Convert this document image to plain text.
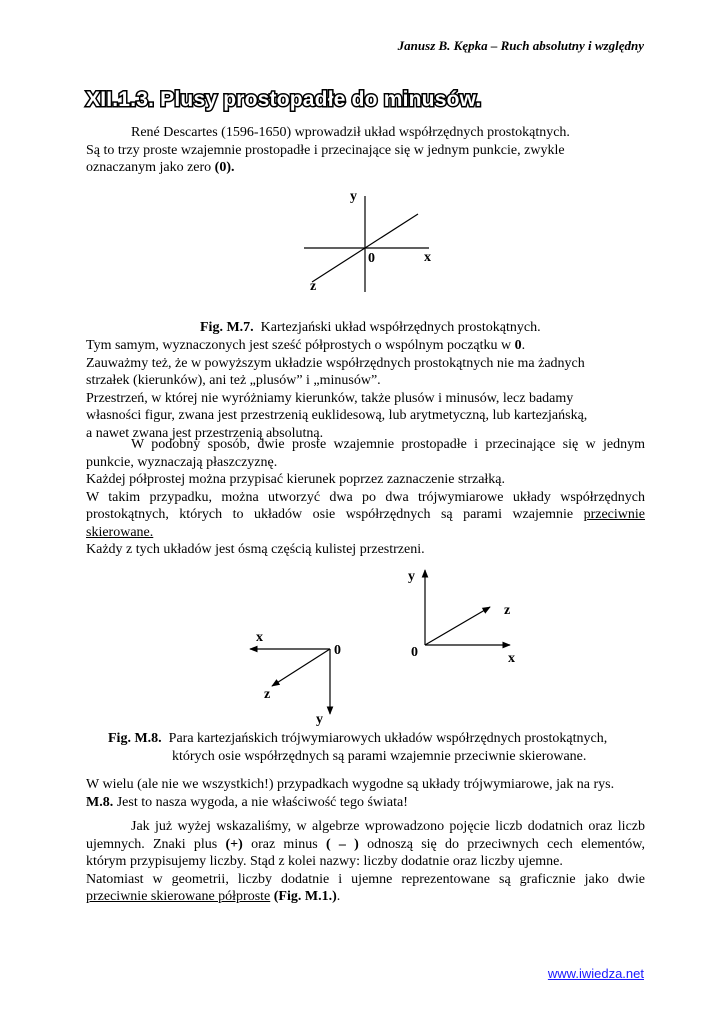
Janusz B. Kępka – Ruch absolutny i względny
XII.1.3. Plusy prostopadłe do minusów.
René Descartes (1596-1650) wprowadził układ współrzędnych prostokątnych.
Są to trzy proste wzajemnie prostopadłe i przecinające się w jednym punkcie, zwykle
oznaczanym jako zero (0).
y
x
z
0
Fig. M.7. Kartezjański układ współrzędnych prostokątnych.
Tym samym, wyznaczonych jest sześć półprostych o wspólnym początku w 0.
Zauważmy też, że w powyższym układzie współrzędnych prostokątnych nie ma żadnych
strzałek (kierunków), ani też „plusów” i „minusów”.
Przestrzeń, w której nie wyróżniamy kierunków, także plusów i minusów, lecz badamy
własności figur, zwana jest przestrzenią euklidesową, lub arytmetyczną, lub kartezjańską,
a nawet zwana jest przestrzenią absolutną.
W podobny sposób, dwie proste wzajemnie prostopadłe i przecinające się w jednym
punkcie, wyznaczają płaszczyznę.
Każdej półprostej można przypisać kierunek poprzez zaznaczenie strzałką.
W takim przypadku, można utworzyć dwa po dwa trójwymiarowe układy współrzędnych
prostokątnych, których to układów osie współrzędnych są parami wzajemnie przeciwnie
skierowane.
Każdy z tych układów jest ósmą częścią kulistej przestrzeni.
x
y
z
0
y
x
z
0
Fig. M.8. Para kartezjańskich trójwymiarowych układów współrzędnych prostokątnych,
których osie współrzędnych są parami wzajemnie przeciwnie skierowane.
W wielu (ale nie we wszystkich!) przypadkach wygodne są układy trójwymiarowe, jak na rys.
M.8. Jest to nasza wygoda, a nie właściwość tego świata!
Jak już wyżej wskazaliśmy, w algebrze wprowadzono pojęcie liczb dodatnich oraz liczb
ujemnych. Znaki plus (+) oraz minus ( – ) odnoszą się do przeciwnych cech elementów,
którym przypisujemy liczby. Stąd z kolei nazwy: liczby dodatnie oraz liczby ujemne.
Natomiast w geometrii, liczby dodatnie i ujemne reprezentowane są graficznie jako dwie
przeciwnie skierowane półproste (Fig. M.1.).
www.iwiedza.net
